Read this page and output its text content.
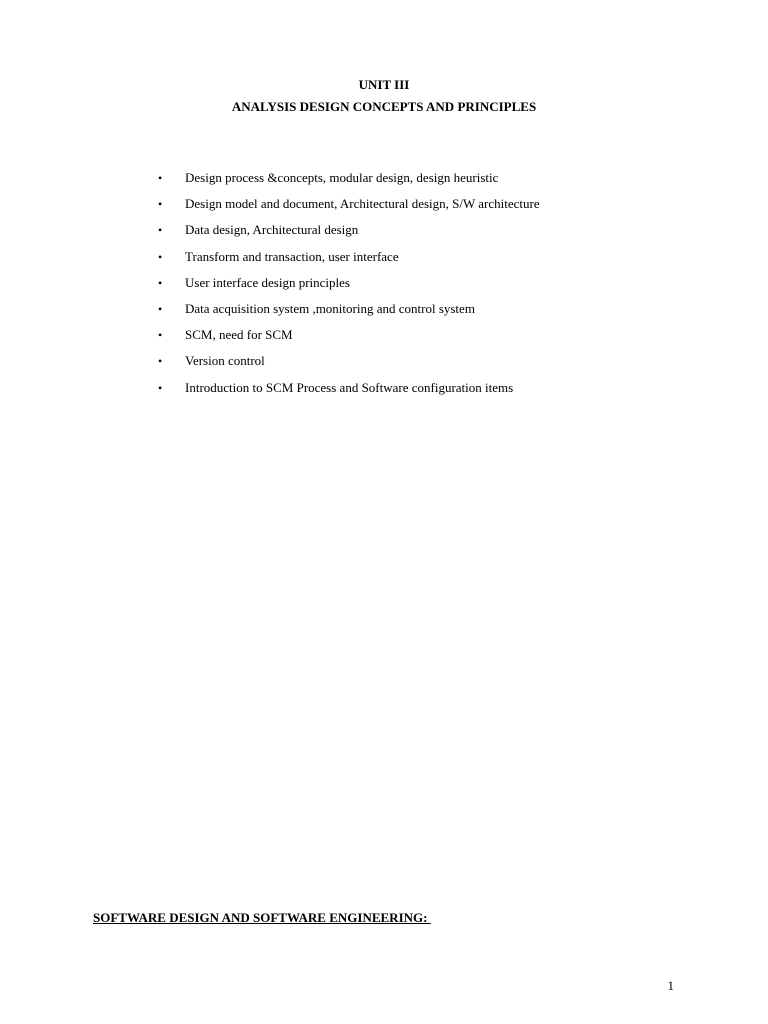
UNIT III
ANALYSIS DESIGN CONCEPTS AND PRINCIPLES
•	Design process &concepts, modular design, design heuristic
•	Design model and document, Architectural design, S/W architecture
•	Data design, Architectural design
•	Transform and transaction, user interface
•	User interface design principles
•	Data acquisition system ,monitoring and control system
•	SCM, need for SCM
•	Version control
•	Introduction to SCM Process and Software configuration items
SOFTWARE DESIGN AND SOFTWARE ENGINEERING:
1
